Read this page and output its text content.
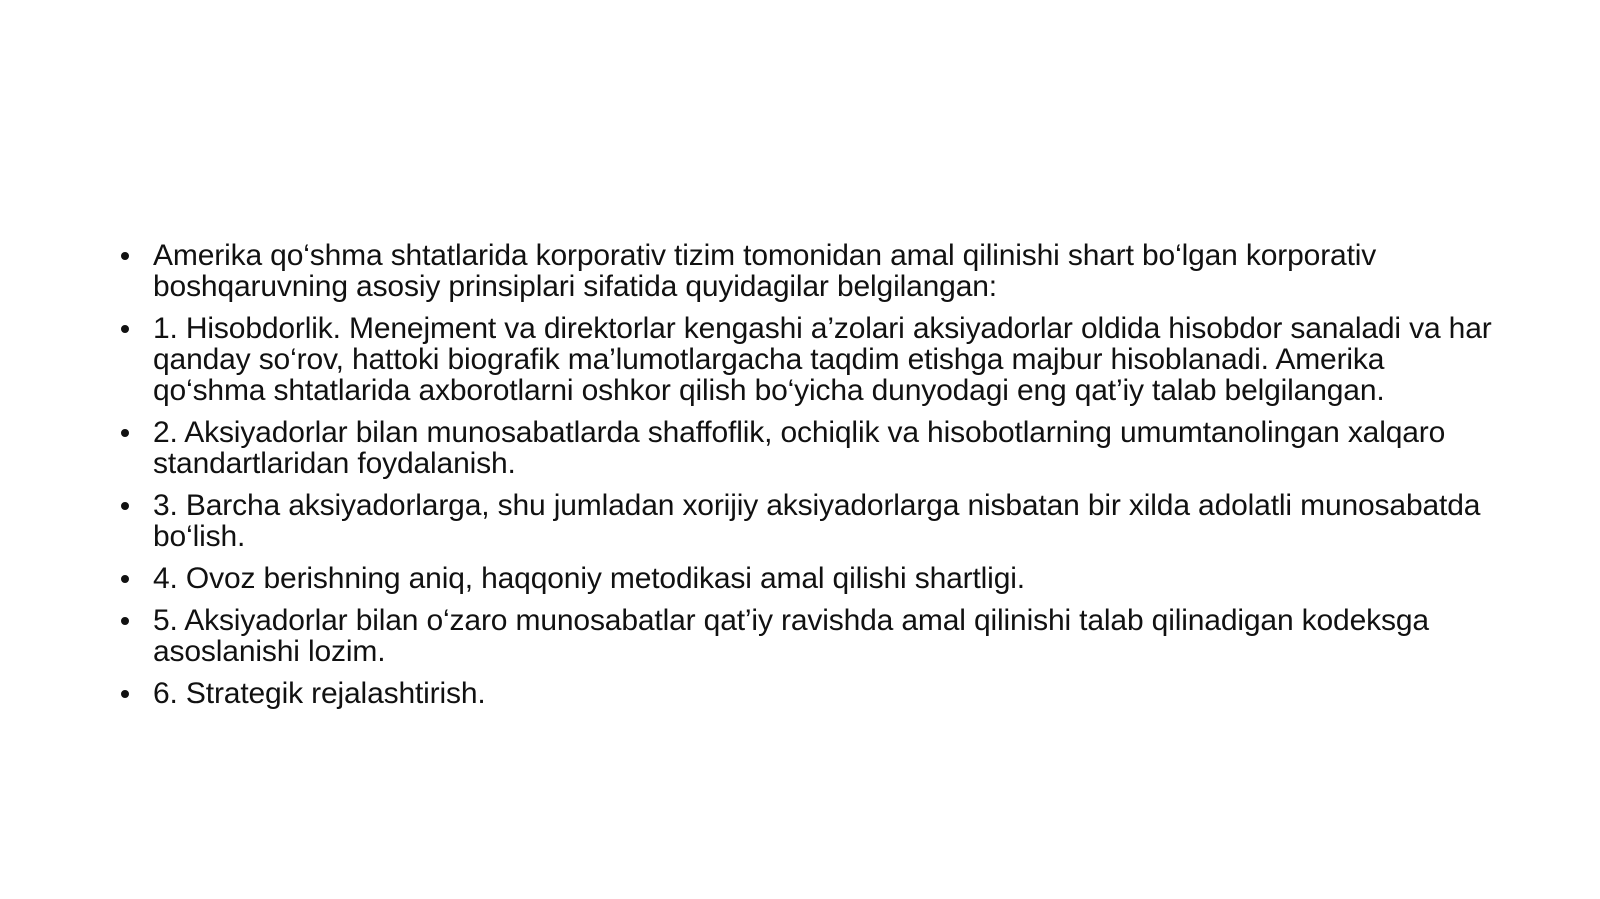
Amerika qo‘shma shtatlarida korporativ tizim tomonidan amal qilinishi shart bo‘lgan korporativ boshqaruvning asosiy prinsiplari sifatida quyidagilar belgilangan:
1. Hisobdorlik. Menejment va direktorlar kengashi a’zolari aksiyadorlar oldida hisobdor sanaladi va har qanday so‘rov, hattoki biografik ma’lumotlargacha taqdim etishga majbur hisoblanadi. Amerika qo‘shma shtatlarida axborotlarni oshkor qilish bo‘yicha dunyodagi eng qat’iy talab belgilangan.
2. Aksiyadorlar bilan munosabatlarda shaffoflik, ochiqlik va hisobotlarning umumtanolingan xalqaro standartlaridan foydalanish.
3. Barcha aksiyadorlarga, shu jumladan xorijiy aksiyadorlarga nisbatan bir xilda adolatli munosabatda bo‘lish.
4. Ovoz berishning aniq, haqqoniy metodikasi amal qilishi shartligi.
5. Aksiyadorlar bilan o‘zaro munosabatlar qat’iy ravishda amal qilinishi talab qilinadigan kodeksga asoslanishi lozim.
6. Strategik rejalashtirish.
